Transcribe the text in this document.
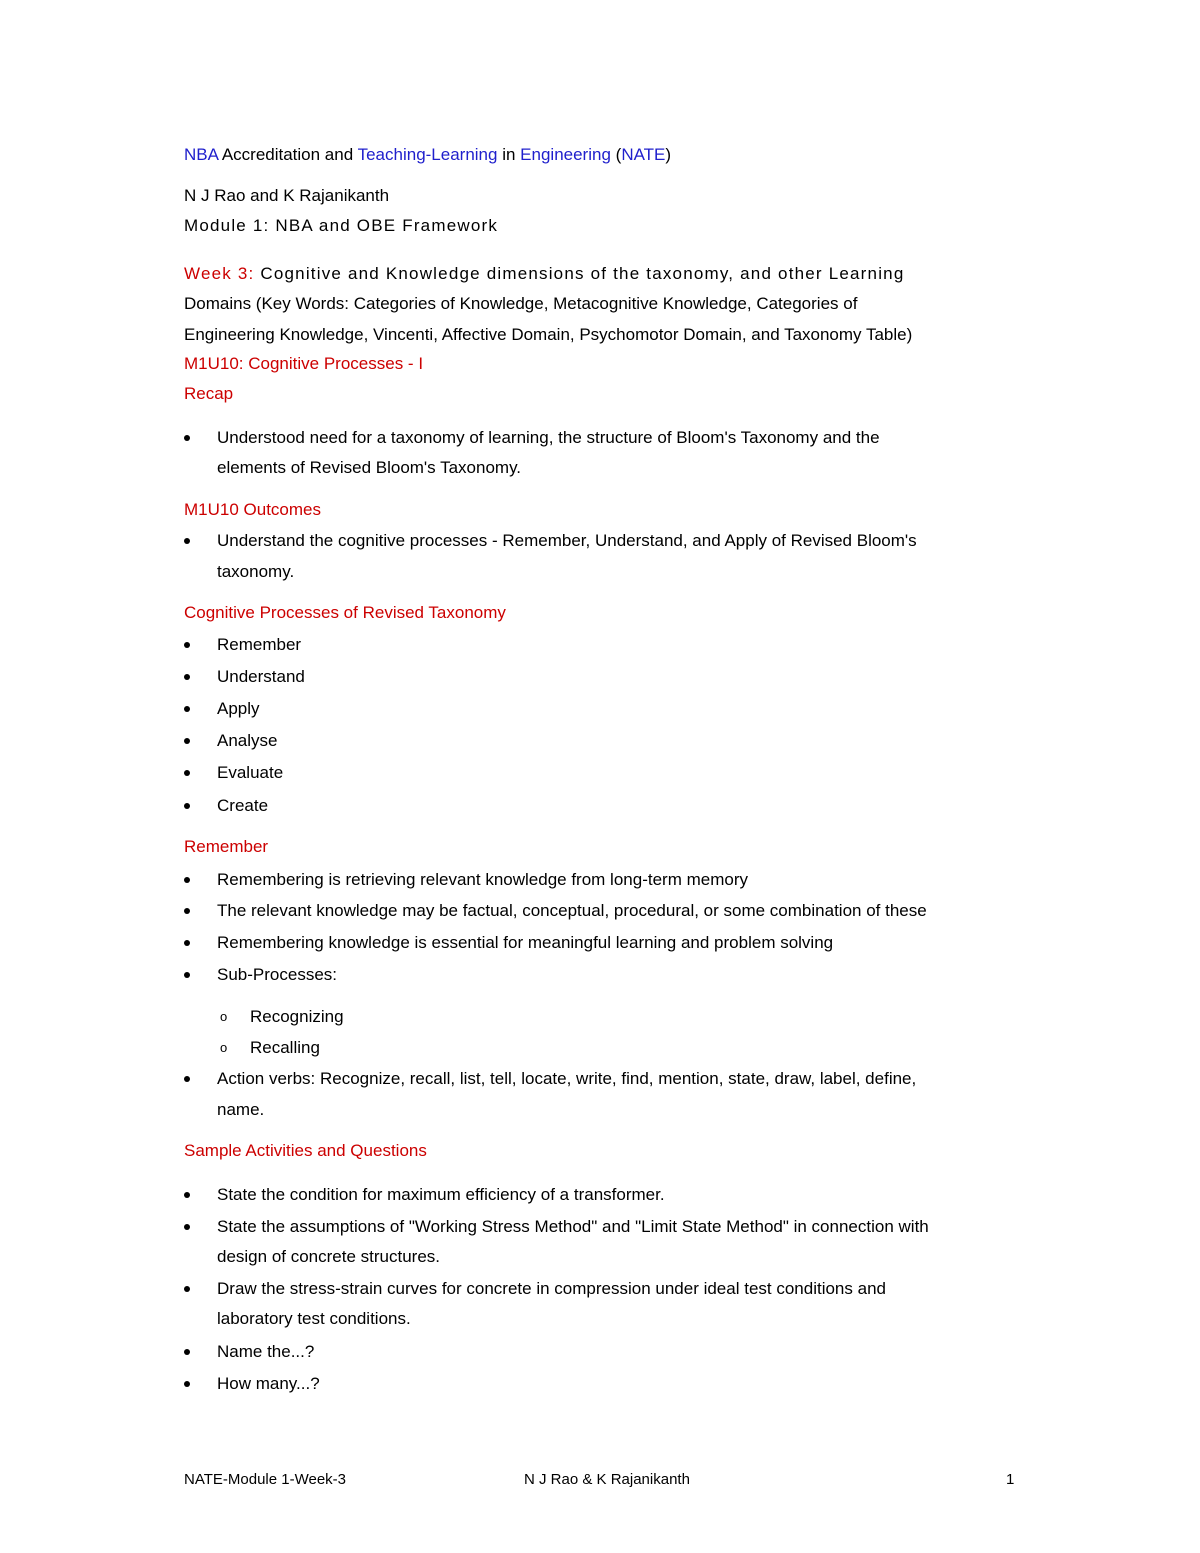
NBA Accreditation and Teaching-Learning in Engineering (NATE)
N J Rao and K Rajanikanth
Module 1: NBA and OBE Framework
Week 3: Cognitive and Knowledge dimensions of the taxonomy, and other Learning
Domains (Key Words: Categories of Knowledge, Metacognitive Knowledge, Categories of
Engineering Knowledge, Vincenti, Affective Domain, Psychomotor Domain, and Taxonomy Table)
M1U10: Cognitive Processes - I
Recap
Understood need for a taxonomy of learning, the structure of Bloom's Taxonomy and the
elements of Revised Bloom's Taxonomy.
M1U10 Outcomes
Understand the cognitive processes - Remember, Understand, and Apply of Revised Bloom's
taxonomy.
Cognitive Processes of Revised Taxonomy
Remember
Understand
Apply
Analyse
Evaluate
Create
Remember
Remembering is retrieving relevant knowledge from long-term memory
The relevant knowledge may be factual, conceptual, procedural, or some combination of these
Remembering knowledge is essential for meaningful learning and problem solving
Sub-Processes:
o Recognizing
o Recalling
Action verbs: Recognize, recall, list, tell, locate, write, find, mention, state, draw, label, define,
name.
Sample Activities and Questions
State the condition for maximum efficiency of a transformer.
State the assumptions of "Working Stress Method" and "Limit State Method" in connection with
design of concrete structures.
Draw the stress-strain curves for concrete in compression under ideal test conditions and
laboratory test conditions.
Name the...?
How many...?
NATE-Module 1-Week-3	N J Rao & K Rajanikanth	1
